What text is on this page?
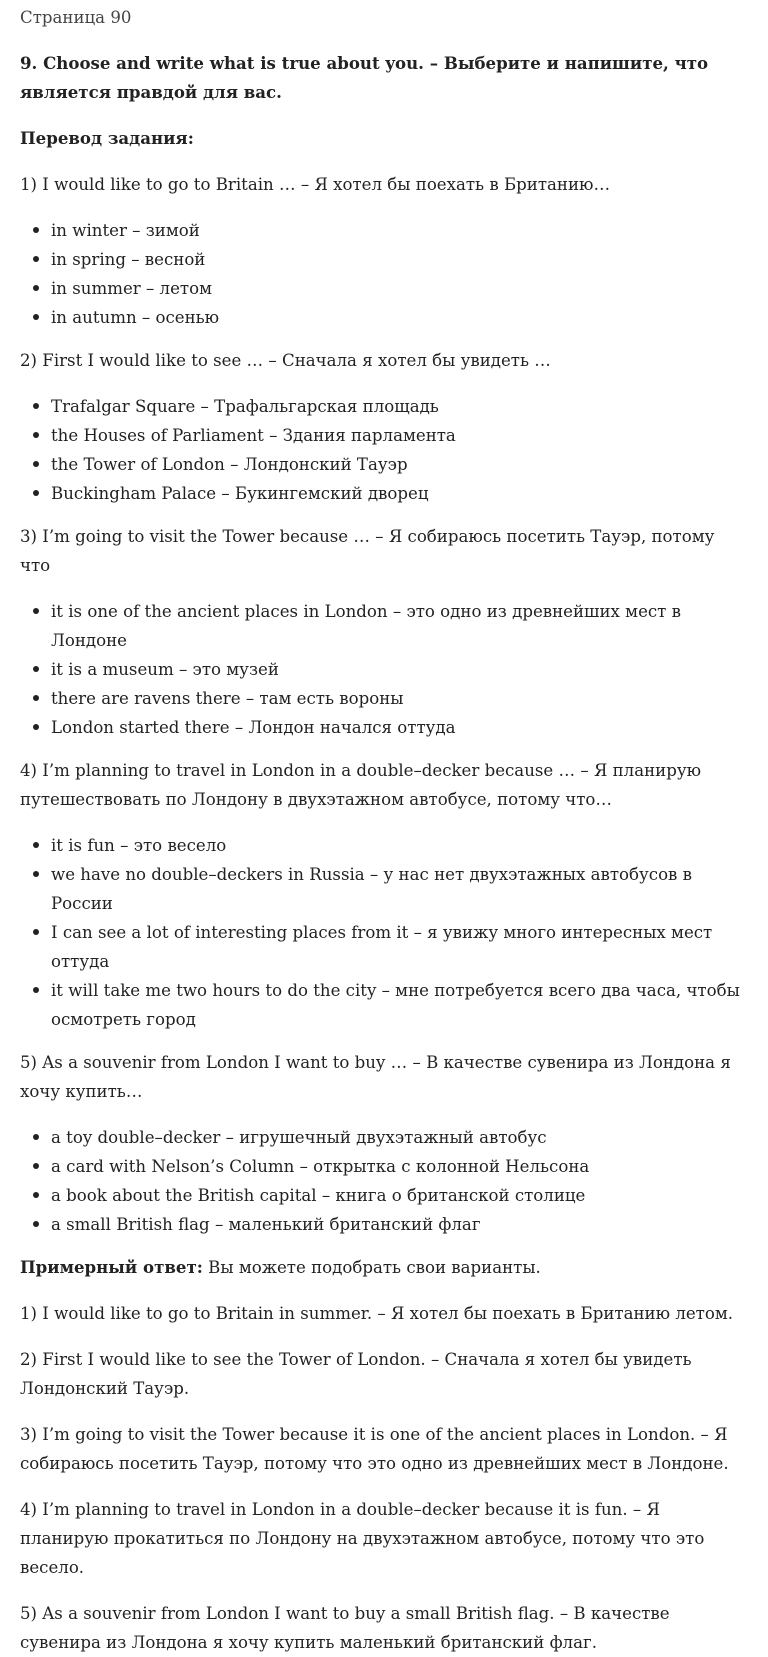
Страница 90

9. Choose and write what is true about you. – Выберите и напишите, что является правдой для вас.

Перевод задания:

1) I would like to go to Britain … – Я хотел бы поехать в Британию…

in winter – зимой
in spring – весной
in summer – летом
in autumn – осенью

2) First I would like to see … – Сначала я хотел бы увидеть …

Trafalgar Square – Трафальгарская площадь
the Houses of Parliament – Здания парламента
the Tower of London – Лондонский Тауэр
Buckingham Palace – Букингемский дворец

3) I’m going to visit the Tower because … – Я собираюсь посетить Тауэр, потому что

it is one of the ancient places in London – это одно из древнейших мест в Лондоне
it is a museum – это музей
there are ravens there – там есть вороны
London started there – Лондон начался оттуда

4) I’m planning to travel in London in a double–decker because … – Я планирую путешествовать по Лондону в двухэтажном автобусе, потому что…

it is fun – это весело
we have no double–deckers in Russia – у нас нет двухэтажных автобусов в России
I can see a lot of interesting places from it – я увижу много интересных мест оттуда
it will take me two hours to do the city – мне потребуется всего два часа, чтобы осмотреть город

5) As a souvenir from London I want to buy … – В качестве сувенира из Лондона я хочу купить…

a toy double–decker – игрушечный двухэтажный автобус
a card with Nelson’s Column – открытка с колонной Нельсона
a book about the British capital – книга о британской столице
a small British flag – маленький британский флаг

Примерный ответ: Вы можете подобрать свои варианты.

1) I would like to go to Britain in summer. – Я хотел бы поехать в Британию летом.

2) First I would like to see the Tower of London. – Сначала я хотел бы увидеть Лондонский Тауэр.

3) I’m going to visit the Tower because it is one of the ancient places in London. – Я собираюсь посетить Тауэр, потому что это одно из древнейших мест в Лондоне.

4) I’m planning to travel in London in a double–decker because it is fun. – Я планирую прокатиться по Лондону на двухэтажном автобусе, потому что это весело.

5) As a souvenir from London I want to buy a small British flag. – В качестве сувенира из Лондона я хочу купить маленький британский флаг.
